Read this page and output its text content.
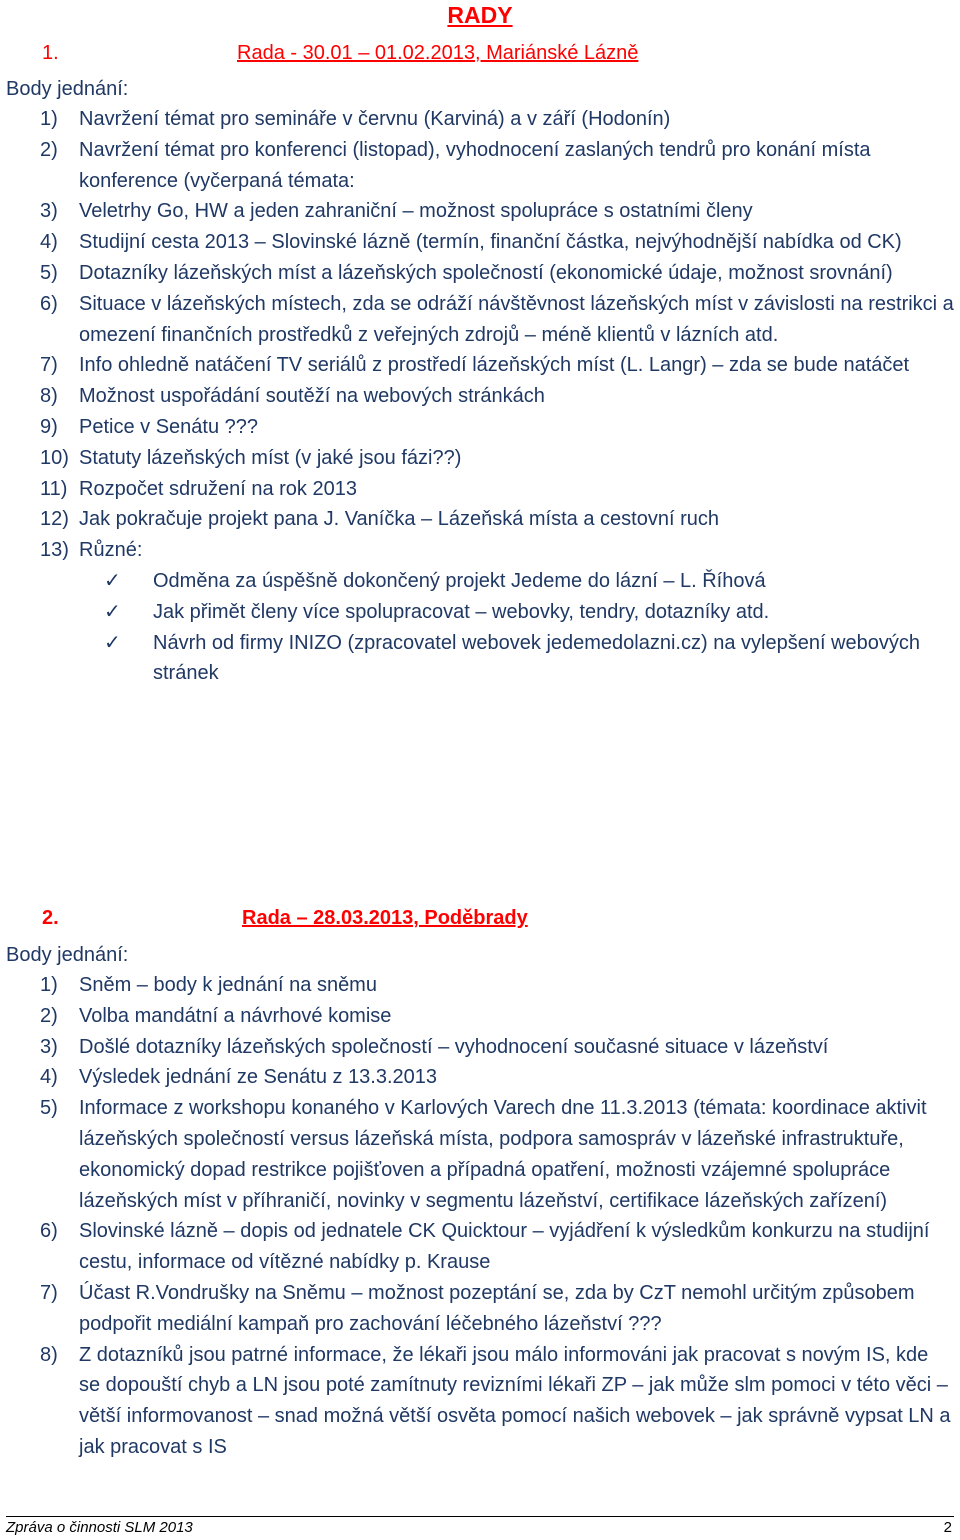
RADY
1.	Rada - 30.01 – 01.02.2013, Mariánské Lázně
Body jednání:
1) Navržení témat pro semináře v červnu (Karviná) a v září (Hodonín)
2) Navržení témat pro konferenci (listopad), vyhodnocení zaslaných tendrů pro konání místa konference (vyčerpaná témata:
3) Veletrhy Go, HW a jeden zahraniční – možnost spolupráce s ostatními členy
4) Studijní cesta 2013 – Slovinské lázně (termín, finanční částka, nejvýhodnější nabídka od CK)
5) Dotazníky lázeňských míst a lázeňských společností (ekonomické údaje, možnost srovnání)
6) Situace v lázeňských místech, zda se odráží návštěvnost lázeňských míst v závislosti na restrikci a omezení finančních prostředků z veřejných zdrojů – méně klientů v lázních atd.
7) Info ohledně natáčení TV seriálů z prostředí lázeňských míst (L. Langr) – zda se bude natáčet
8) Možnost uspořádání soutěží na webových stránkách
9) Petice v Senátu ???
10) Statuty lázeňských míst (v jaké jsou fázi??)
11) Rozpočet sdružení na rok 2013
12) Jak pokračuje projekt pana J. Vaníčka – Lázeňská místa a cestovní ruch
13) Různé:
✓ Odměna za úspěšně dokončený projekt Jedeme do lázní – L. Říhová
✓ Jak přimět členy více spolupracovat – webovky, tendry, dotazníky atd.
✓ Návrh od firmy INIZO (zpracovatel webovek jedemedolazni.cz) na vylepšení webových stránek
2.	Rada – 28.03.2013, Poděbrady
Body jednání:
1) Sněm – body k jednání na sněmu
2) Volba mandátní a návrhové komise
3) Došlé dotazníky lázeňských společností – vyhodnocení současné situace v lázeňství
4) Výsledek jednání ze Senátu z 13.3.2013
5) Informace z workshopu konaného v Karlových Varech dne 11.3.2013 (témata: koordinace aktivit lázeňských společností versus lázeňská místa, podpora samospráv v lázeňské infrastruktuře, ekonomický dopad restrikce pojišťoven a případná opatření, možnosti vzájemné spolupráce lázeňských míst v příhraničí, novinky v segmentu lázeňství, certifikace lázeňských zařízení)
6) Slovinské lázně – dopis od jednatele CK Quicktour – vyjádření k výsledkům konkurzu na studijní cestu, informace od vítězné nabídky p. Krause
7) Účast R.Vondrušky na Sněmu – možnost pozeptání se, zda by CzT nemohl určitým způsobem podpořit mediální kampaň pro zachování léčebného lázeňství ???
8) Z dotazníků jsou patrné informace, že lékaři jsou málo informováni jak pracovat s novým IS, kde se dopouští chyb a LN jsou poté zamítnuty revizními lékaři ZP – jak může slm pomoci v této věci – větší informovanost – snad možná větší osvěta pomocí našich webovek – jak správně vypsat LN a jak pracovat s IS
Zpráva o činnosti SLM 2013	2
